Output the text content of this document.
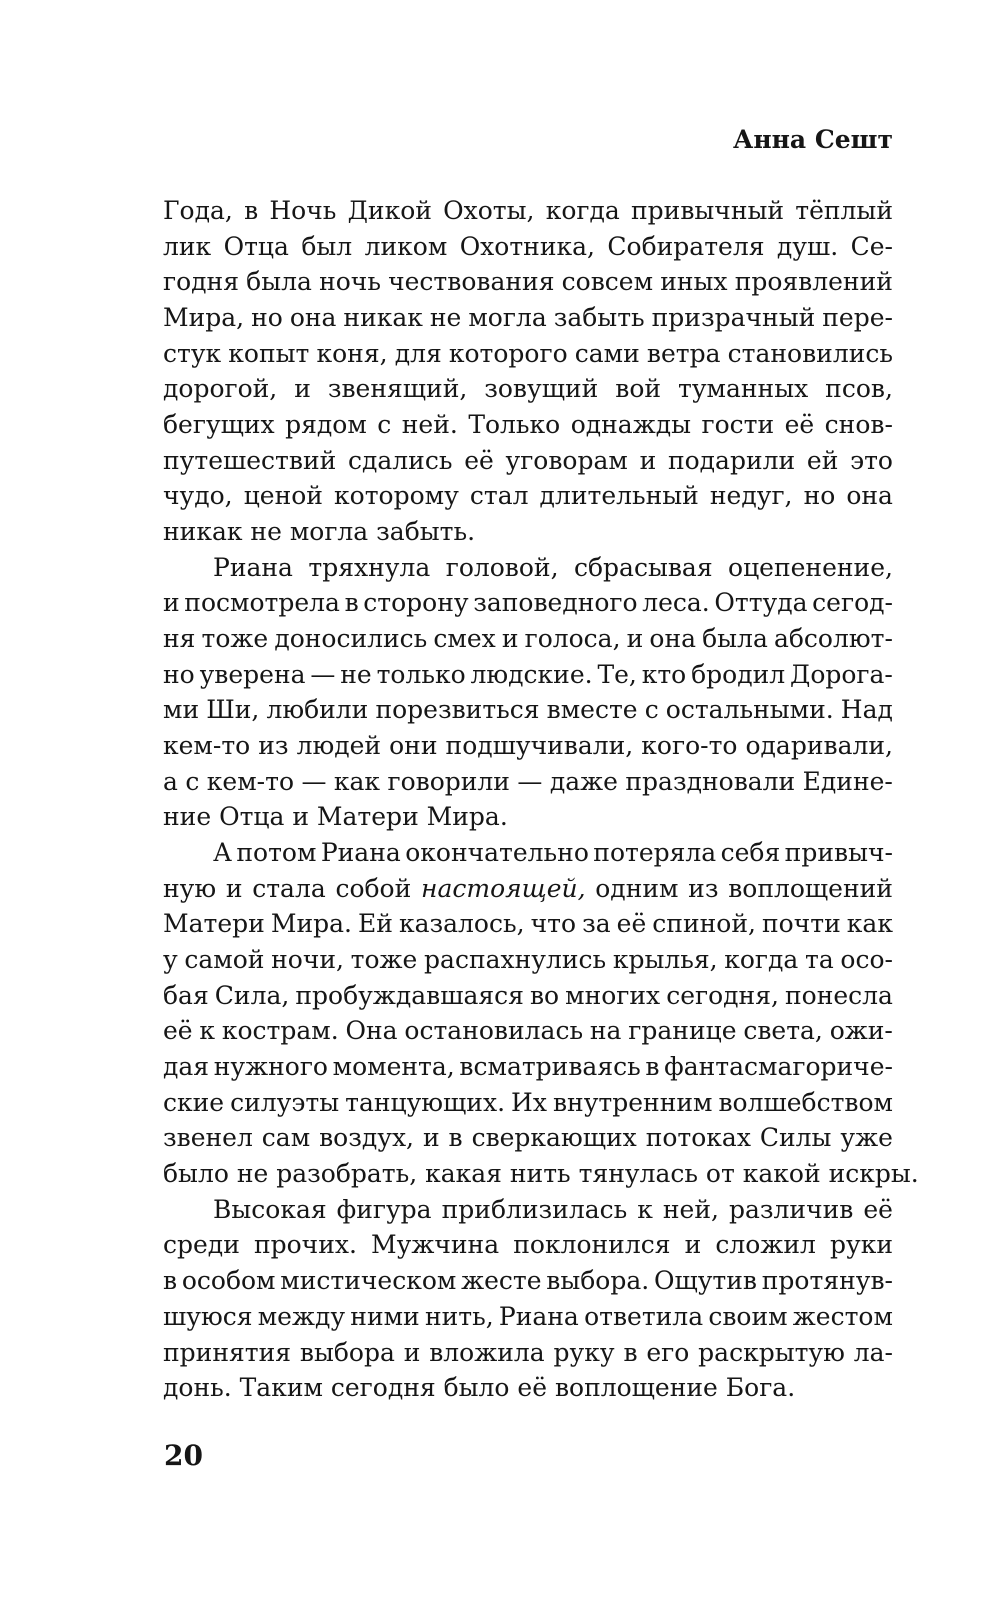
Анна Сешт
Года, в Ночь Дикой Охоты, когда привычный тёплый
лик Отца был ликом Охотника, Собирателя душ. Се-
годня была ночь чествования совсем иных проявлений
Мира, но она никак не могла забыть призрачный пере-
стук копыт коня, для которого сами ветра становились
дорогой, и звенящий, зовущий вой туманных псов,
бегущих рядом с ней. Только однажды гости её снов-
путешествий сдались её уговорам и подарили ей это
чудо, ценой которому стал длительный недуг, но она
никак не могла забыть.
Риана тряхнула головой, сбрасывая оцепенение,
и посмотрела в сторону заповедного леса. Оттуда сегод-
ня тоже доносились смех и голоса, и она была абсолют-
но уверена — не только людские. Те, кто бродил Дорога-
ми Ши, любили порезвиться вместе с остальными. Над
кем-то из людей они подшучивали, кого-то одаривали,
а с кем-то — как говорили — даже праздновали Едине-
ние Отца и Матери Мира.
А потом Риана окончательно потеряла себя привыч-
ную и стала собой настоящей, одним из воплощений
Матери Мира. Ей казалось, что за её спиной, почти как
у самой ночи, тоже распахнулись крылья, когда та осо-
бая Сила, пробуждавшаяся во многих сегодня, понесла
её к кострам. Она остановилась на границе света, ожи-
дая нужного момента, всматриваясь в фантасмагориче-
ские силуэты танцующих. Их внутренним волшебством
звенел сам воздух, и в сверкающих потоках Силы уже
было не разобрать, какая нить тянулась от какой искры.
Высокая фигура приблизилась к ней, различив её
среди прочих. Мужчина поклонился и сложил руки
в особом мистическом жесте выбора. Ощутив протянув-
шуюся между ними нить, Риана ответила своим жестом
принятия выбора и вложила руку в его раскрытую ла-
донь. Таким сегодня было её воплощение Бога.
20
